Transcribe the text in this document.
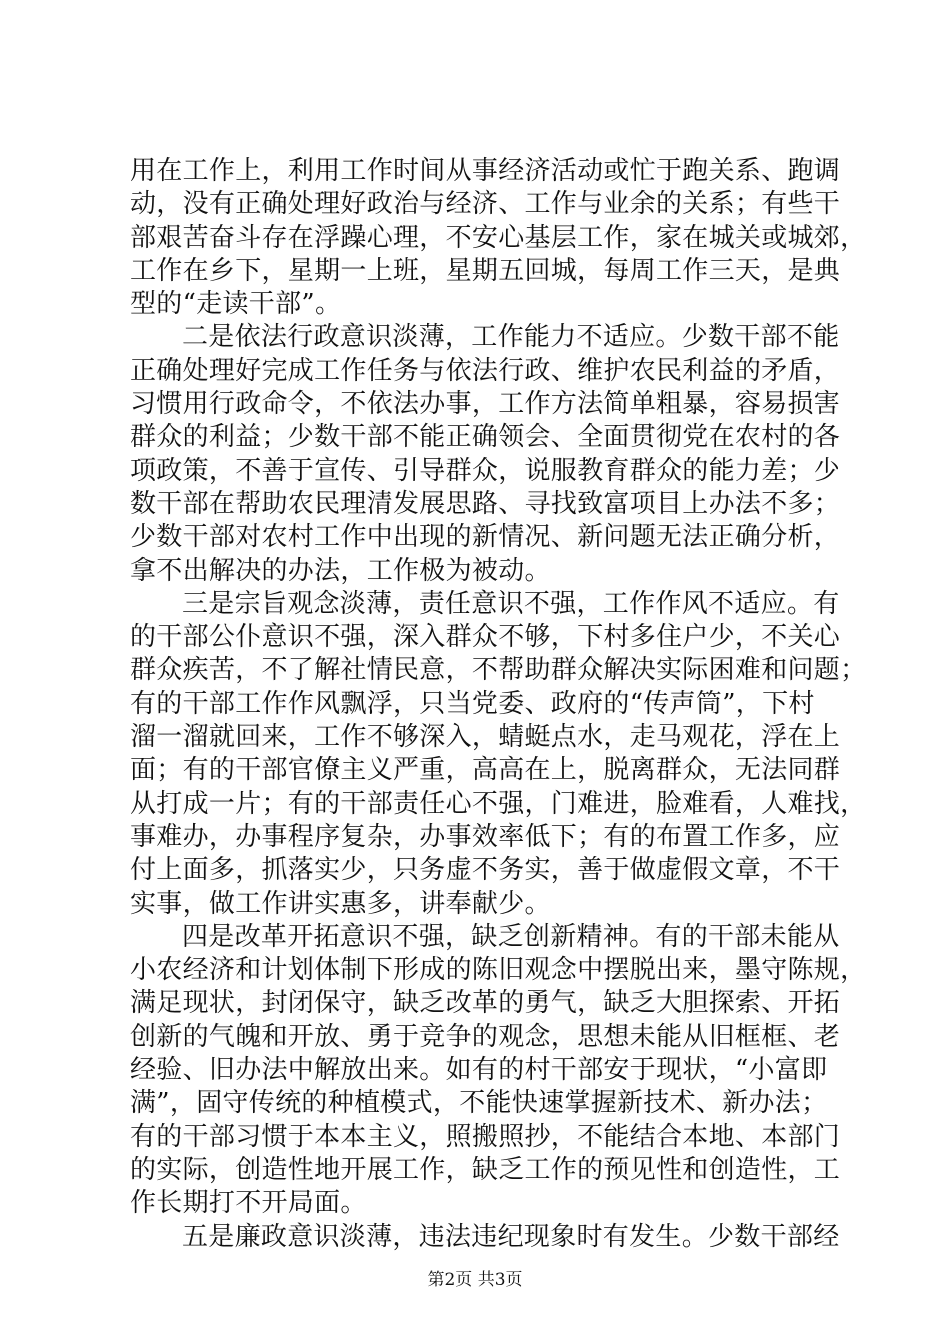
用在工作上，利用工作时间从事经济活动或忙于跑关系、跑调
动，没有正确处理好政治与经济、工作与业余的关系；有些干
部艰苦奋斗存在浮躁心理，不安心基层工作，家在城关或城郊，
工作在乡下，星期一上班，星期五回城，每周工作三天，是典
型的“走读干部”。
二是依法行政意识淡薄，工作能力不适应。少数干部不能
正确处理好完成工作任务与依法行政、维护农民利益的矛盾，
习惯用行政命令，不依法办事，工作方法简单粗暴，容易损害
群众的利益；少数干部不能正确领会、全面贯彻党在农村的各
项政策，不善于宣传、引导群众，说服教育群众的能力差；少
数干部在帮助农民理清发展思路、寻找致富项目上办法不多；
少数干部对农村工作中出现的新情况、新问题无法正确分析，
拿不出解决的办法，工作极为被动。
三是宗旨观念淡薄，责任意识不强，工作作风不适应。有
的干部公仆意识不强，深入群众不够，下村多住户少，不关心
群众疾苦，不了解社情民意，不帮助群众解决实际困难和问题；
有的干部工作作风飘浮，只当党委、政府的“传声筒”，下村
溜一溜就回来，工作不够深入，蜻蜓点水，走马观花，浮在上
面；有的干部官僚主义严重，高高在上，脱离群众，无法同群
从打成一片；有的干部责任心不强，门难进，脸难看，人难找，
事难办，办事程序复杂，办事效率低下；有的布置工作多，应
付上面多，抓落实少，只务虚不务实，善于做虚假文章，不干
实事，做工作讲实惠多，讲奉献少。
四是改革开拓意识不强，缺乏创新精神。有的干部未能从
小农经济和计划体制下形成的陈旧观念中摆脱出来，墨守陈规，
满足现状，封闭保守，缺乏改革的勇气，缺乏大胆探索、开拓
创新的气魄和开放、勇于竞争的观念，思想未能从旧框框、老
经验、旧办法中解放出来。如有的村干部安于现状，“小富即
满”，固守传统的种植模式，不能快速掌握新技术、新办法；
有的干部习惯于本本主义，照搬照抄，不能结合本地、本部门
的实际，创造性地开展工作，缺乏工作的预见性和创造性，工
作长期打不开局面。
五是廉政意识淡薄，违法违纪现象时有发生。少数干部经
第2页 共3页
